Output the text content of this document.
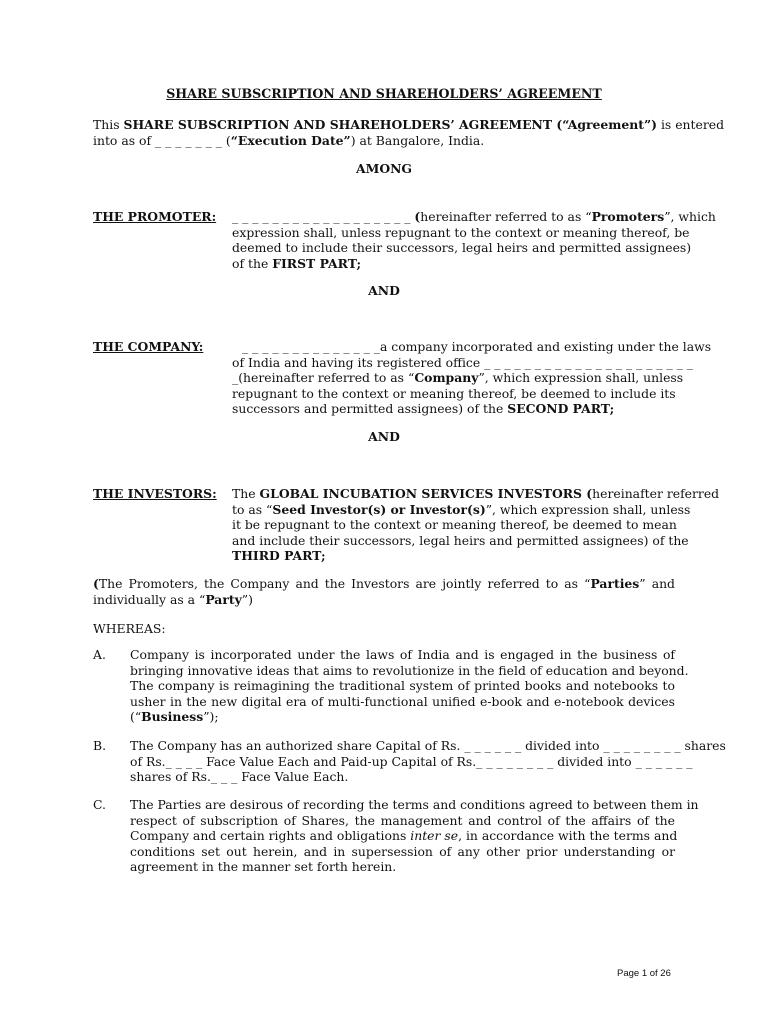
SHARE SUBSCRIPTION AND SHAREHOLDERS’ AGREEMENT
This SHARE SUBSCRIPTION AND SHAREHOLDERS’ AGREEMENT (“Agreement”) is entered
into as of _ _ _ _ _ _ _ (“Execution Date”) at Bangalore, India.
AMONG
THE PROMOTER: _ _ _ _ _ _ _ _ _ _ _ _ _ _ _ _ _ _ (hereinafter referred to as “Promoters”, which
expression shall, unless repugnant to the context or meaning thereof, be
deemed to include their successors, legal heirs and permitted assignees)
of the FIRST PART;
AND
THE COMPANY:	_ _ _ _ _ _ _ _ _ _ _ _ _ _a company incorporated and existing under the laws
of India and having its registered office _ _ _ _ _ _ _ _ _ _ _ _ _ _ _ _ _ _ _ _ _
_(hereinafter referred to as “Company”, which expression shall, unless
repugnant to the context or meaning thereof, be deemed to include its
successors and permitted assignees) of the SECOND PART;
AND
THE INVESTORS: The GLOBAL INCUBATION SERVICES INVESTORS (hereinafter referred
to as “Seed Investor(s) or Investor(s)”, which expression shall, unless
it be repugnant to the context or meaning thereof, be deemed to mean
and include their successors, legal heirs and permitted assignees) of the
THIRD PART;
(The Promoters, the Company and the Investors are jointly referred to as “Parties” and
individually as a “Party”)
WHEREAS:
A. Company is incorporated under the laws of India and is engaged in the business of
bringing innovative ideas that aims to revolutionize in the field of education and beyond.
The company is reimagining the traditional system of printed books and notebooks to
usher in the new digital era of multi-functional unified e-book and e-notebook devices
(“Business”);
B. The Company has an authorized share Capital of Rs. _ _ _ _ _ _ divided into _ _ _ _ _ _ _ _ shares
of Rs._ _ _ _ Face Value Each and Paid-up Capital of Rs._ _ _ _ _ _ _ _ divided into _ _ _ _ _ _
shares of Rs._ _ _ Face Value Each.
C. The Parties are desirous of recording the terms and conditions agreed to between them in
respect of subscription of Shares, the management and control of the affairs of the
Company and certain rights and obligations inter se, in accordance with the terms and
conditions set out herein, and in supersession of any other prior understanding or
agreement in the manner set forth herein.
Page 1 of 26
